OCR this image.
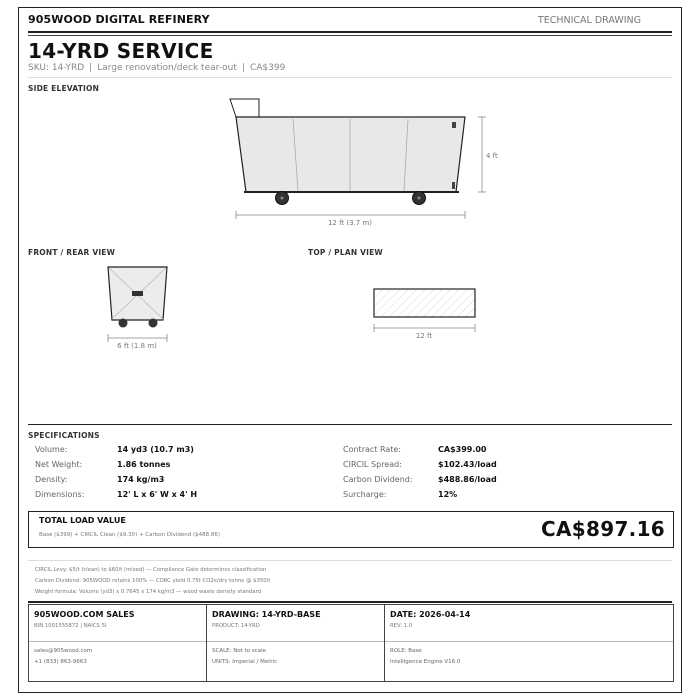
905WOOD DIGITAL REFINERY	TECHNICAL DRAWING
14-YRD SERVICE
SKU: 14-YRD | Large renovation/deck tear-out | CA$399
SIDE ELEVATION
FRONT / REAR VIEW	TOP / PLAN VIEW
12 ft (3.7 m)
4 ft
6 ft (1.8 m)
12 ft
SPECIFICATIONS
Volume:	14 yd3 (10.7 m3)	Contract Rate:	CA$399.00
Net Weight:	1.86 tonnes	CIRCIL Spread:	$102.43/load
Density:	174 kg/m3	Carbon Dividend:	$488.86/load
Dimensions:	12' L x 6' W x 4' H	Surcharge:	12%
TOTAL LOAD VALUE
Base ($399) + CIRCIL Clean ($9.30) + Carbon Dividend ($488.86)	CA$897.16
CIRCIL Levy: $5/t (clean) to $60/t (mixed) — Compliance Gate determines classification
Carbon Dividend: 905WOOD retains 100% — CORC yield 0.75t CO2e/dry tonne @ $350/t
Weight formula: Volume (yd3) x 0.7645 x 174 kg/m3 — wood waste density standard
905WOOD.COM SALES
BIN 1001555872 | NAICS 5I
sales@905wood.com
+1 (833) 863-9663
DRAWING: 14-YRD-BASE
PRODUCT: 14-YRD
SCALE: Not to scale
UNITS: Imperial / Metric
DATE: 2026-04-14
REV: 1.0
ROLE: Base
Intelligence Engine V16.0
